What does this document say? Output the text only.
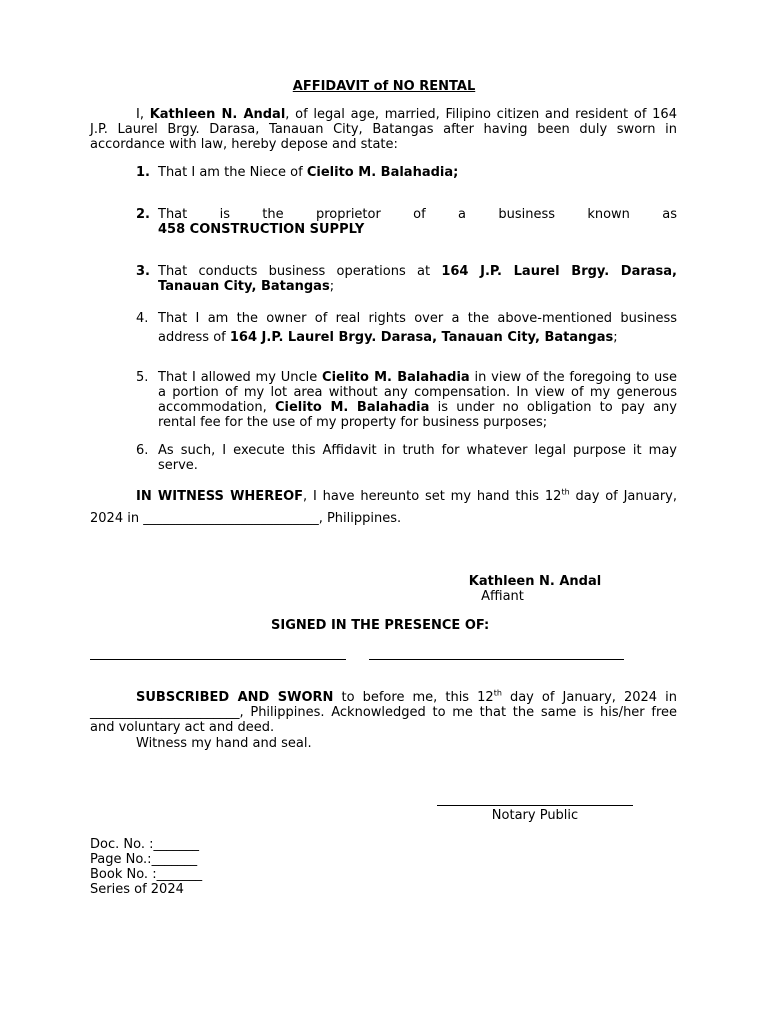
AFFIDAVIT of NO RENTAL
I, Kathleen N. Andal, of legal age, married, Filipino citizen and resident of 164 J.P. Laurel Brgy. Darasa, Tanauan City, Batangas after having been duly sworn in accordance with law, hereby depose and state:
1. That I am the Niece of Cielito M. Balahadia;
2. That is the proprietor of a business known as
458 CONSTRUCTION SUPPLY
3. That conducts business operations at 164 J.P. Laurel Brgy. Darasa, Tanauan City, Batangas;
4. That I am the owner of real rights over a the above-mentioned business
address of 164 J.P. Laurel Brgy. Darasa, Tanauan City, Batangas;
5. That I allowed my Uncle Cielito M. Balahadia in view of the foregoing to use a portion of my lot area without any compensation. In view of my generous accommodation, Cielito M. Balahadia is under no obligation to pay any rental fee for the use of my property for business purposes;
6. As such, I execute this Affidavit in truth for whatever legal purpose it may serve.
IN WITNESS WHEREOF, I have hereunto set my hand this 12th day of January, 2024 in ___________________________, Philippines.
Kathleen N. Andal
Affiant
SIGNED IN THE PRESENCE OF:
SUBSCRIBED AND SWORN to before me, this 12th day of January, 2024 in _______________________, Philippines. Acknowledged to me that the same is his/her free and voluntary act and deed.
Witness my hand and seal.
Notary Public
Doc. No. :_______
Page No.:_______
Book No. :_______
Series of 2024
